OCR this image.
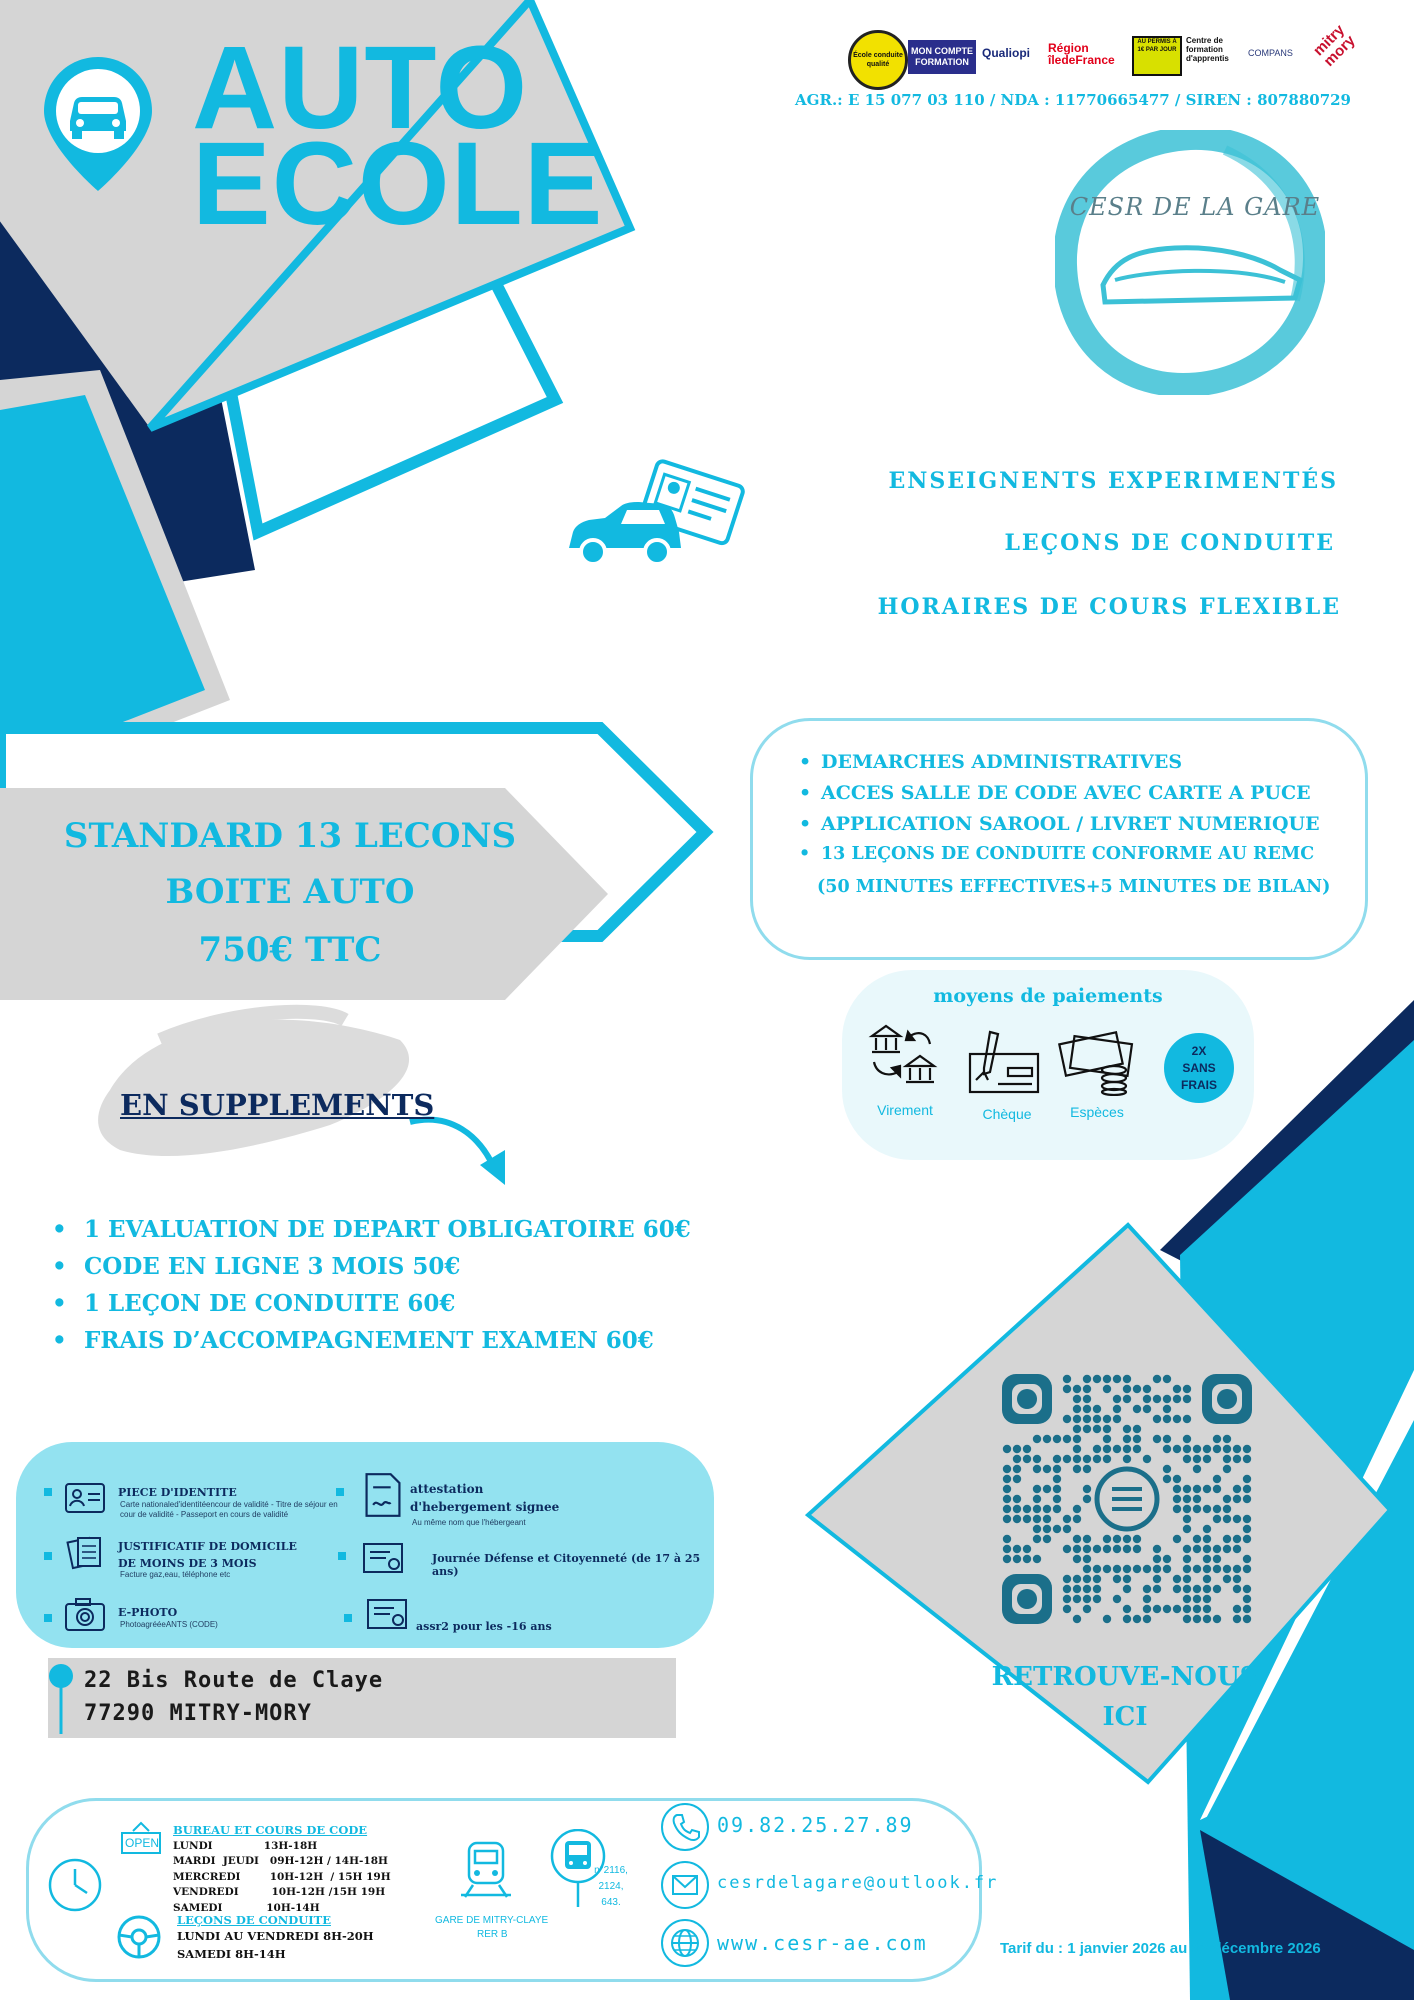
AUTO
ECOLE
École conduite qualité
MON COMPTE FORMATION
Qualiopi Région îledeFrance
AU PERMIS À 1€ PAR JOUR
Centre de formation d'apprentis
COMPANS mitry mory
AGR.: E 15 077 03 110 / NDA : 11770665477 / SIREN : 807880729
CESR DE LA GARE
ENSEIGNENTS EXPERIMENTÉS
LEÇONS DE CONDUITE
HORAIRES DE COURS FLEXIBLE
STANDARD 13 LECONS
BOITE AUTO
750€ TTC
• DEMARCHES ADMINISTRATIVES
• ACCES SALLE DE CODE AVEC CARTE A PUCE
• APPLICATION SAROOL / LIVRET NUMERIQUE
• 13 LEÇONS DE CONDUITE CONFORME AU REMC
(50 MINUTES EFFECTIVES+5 MINUTES DE BILAN)
moyens de paiements
Virement	Chèque	Espèces
2X
SANS
FRAIS
EN SUPPLEMENTS
• 1 EVALUATION DE DEPART OBLIGATOIRE 60€
• CODE EN LIGNE 3 MOIS 50€
• 1 LEÇON DE CONDUITE 60€
• FRAIS D’ACCOMPAGNEMENT EXAMEN 60€
PIECE D'IDENTITE
Carte nationaled'identitéencour de validité - Titre de séjour en cour de validité - Passeport en cours de validité
JUSTIFICATIF DE DOMICILE DE MOINS DE 3 MOIS
Facture gaz,eau, téléphone etc
E-PHOTO
PhotoagrééeANTS (CODE)
attestation d'hebergement signee
Au même nom que l'hébergeant
Journée Défense et Citoyenneté (de 17 à 25 ans)
assr2 pour les -16 ans
22 Bis Route de Claye
77290 MITRY-MORY
RETROUVE-NOUS
ICI
OPEN
BUREAU ET COURS DE CODE
LUNDI              13H-18H
MARDI  JEUDI   09H-12H / 14H-18H
MERCREDI        10H-12H  / 15H 19H
VENDREDI         10H-12H /15H 19H
SAMEDI            10H-14H
LEÇONS DE CONDUITE
LUNDI AU VENDREDI 8H-20H
SAMEDI 8H-14H
GARE DE MITRY-CLAYE
RER B
n°2116,
2124,
643.
09.82.25.27.89
cesrdelagare@outlook.fr
www.cesr-ae.com	Tarif du : 1 janvier 2026 au 31 décembre 2026
